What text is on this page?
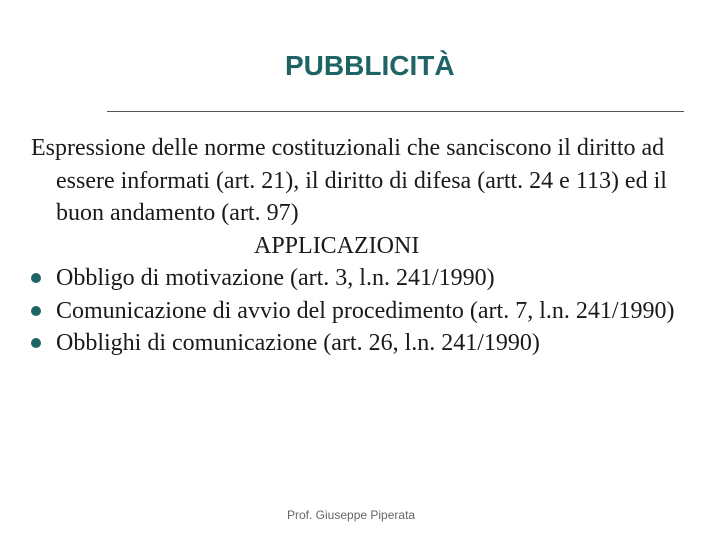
PUBBLICITÀ

Espressione delle norme costituzionali che sanciscono il diritto ad essere informati (art. 21), il diritto di difesa (artt. 24 e 113) ed il buon andamento (art. 97)

APPLICAZIONI

Obbligo di motivazione (art. 3, l.n. 241/1990)
Comunicazione di avvio del procedimento (art. 7, l.n. 241/1990)
Obblighi di comunicazione (art. 26, l.n. 241/1990)
Prof. Giuseppe Piperata
